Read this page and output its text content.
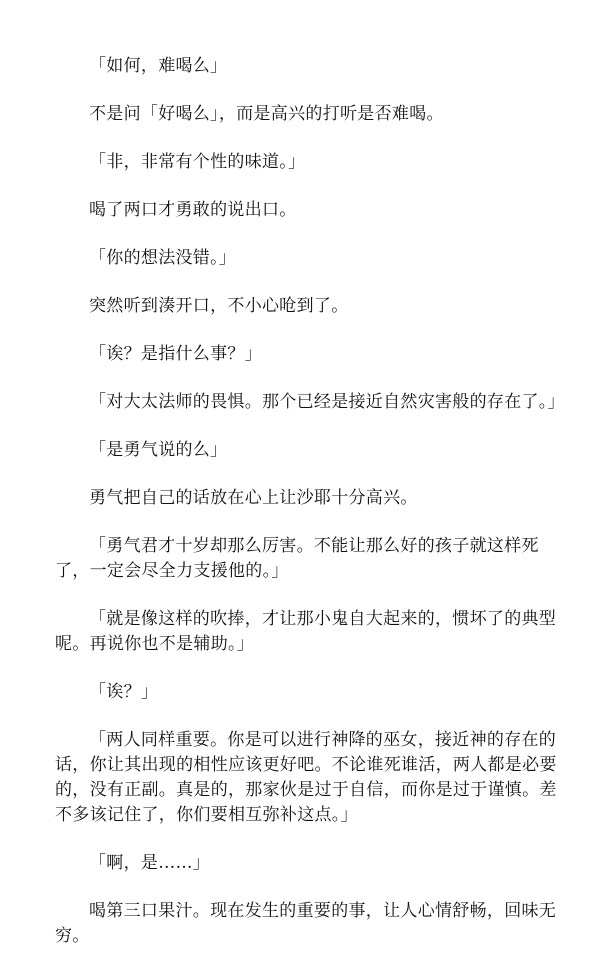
「如何，难喝么」

不是问「好喝么」，而是高兴的打听是否难喝。

「非，非常有个性的味道。」

喝了两口才勇敢的说出口。

「你的想法没错。」

突然听到湊开口，不小心呛到了。

「诶？是指什么事？」

「对大太法师的畏惧。那个已经是接近自然灾害般的存在了。」

「是勇气说的么」

勇气把自己的话放在心上让沙耶十分高兴。

「勇气君才十岁却那么厉害。不能让那么好的孩子就这样死了，一定会尽全力支援他的。」

「就是像这样的吹捧，才让那小鬼自大起来的，惯坏了的典型呢。再说你也不是辅助。」

「诶？」

「两人同样重要。你是可以进行神降的巫女，接近神的存在的话，你让其出现的相性应该更好吧。不论谁死谁活，两人都是必要的，没有正副。真是的，那家伙是过于自信，而你是过于谨慎。差不多该记住了，你们要相互弥补这点。」

「啊，是……」

喝第三口果汁。现在发生的重要的事，让人心情舒畅，回味无穷。
